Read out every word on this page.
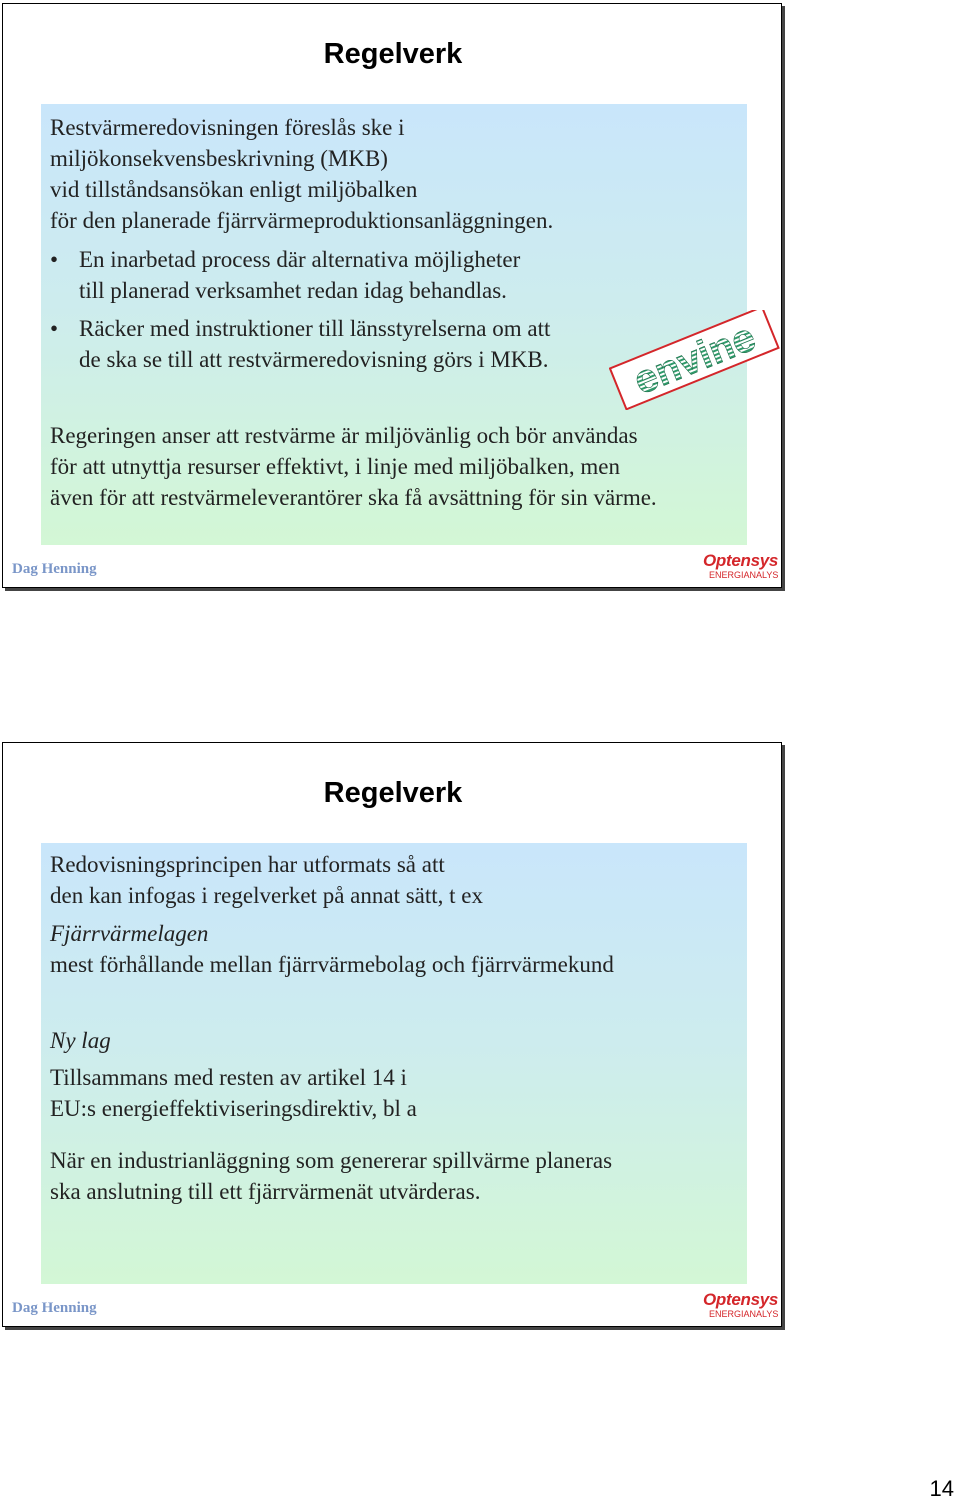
Regelverk
Restvärmeredovisningen föreslås ske i
miljökonsekvensbeskrivning (MKB)
vid tillståndsansökan enligt miljöbalken
för den planerade fjärrvärmeproduktionsanläggningen.
• En inarbetad process där alternativa möjligheter
till planerad verksamhet redan idag behandlas.
• Räcker med instruktioner till länsstyrelserna om att
de ska se till att restvärmeredovisning görs i MKB.
Regeringen anser att restvärme är miljövänlig och bör användas
för att utnyttja resurser effektivt, i linje med miljöbalken, men
även för att restvärmeleverantörer ska få avsättning för sin värme.
envine
Dag Henning	Optensys
ENERGIANALYS
Regelverk
Redovisningsprincipen har utformats så att
den kan infogas i regelverket på annat sätt, t ex
Fjärrvärmelagen
mest förhållande mellan fjärrvärmebolag och fjärrvärmekund
Ny lag
Tillsammans med resten av artikel 14 i
EU:s energieffektiviseringsdirektiv, bl a
När en industrianläggning som genererar spillvärme planeras
ska anslutning till ett fjärrvärmenät utvärderas.
Dag Henning	Optensys
ENERGIANALYS
14
